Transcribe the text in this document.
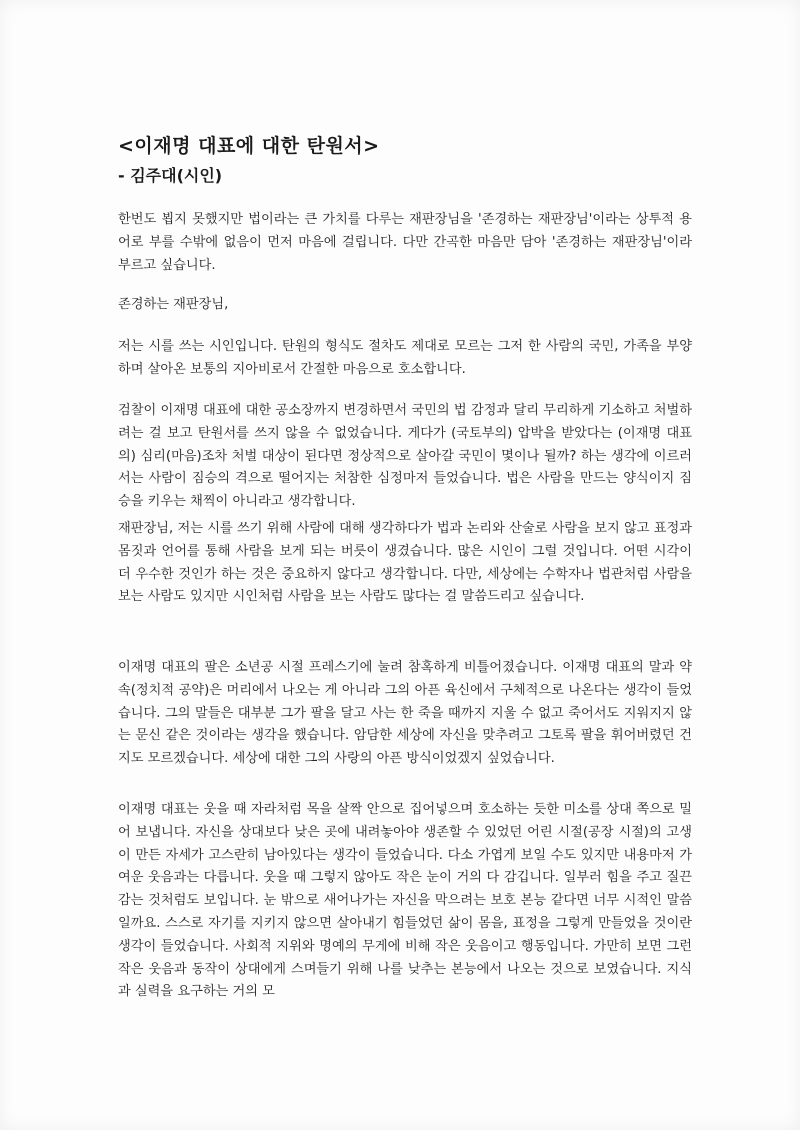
<이재명 대표에 대한 탄원서>
- 김주대(시인)

한번도 뵙지 못했지만 법이라는 큰 가치를 다루는 재판장님을 '존경하는 재판장님'이라는 상투적 용어로 부를 수밖에 없음이 먼저 마음에 걸립니다. 다만 간곡한 마음만 담아 '존경하는 재판장님'이라 부르고 싶습니다.

존경하는 재판장님,

저는 시를 쓰는 시인입니다. 탄원의 형식도 절차도 제대로 모르는 그저 한 사람의 국민, 가족을 부양하며 살아온 보통의 지아비로서 간절한 마음으로 호소합니다.

검찰이 이재명 대표에 대한 공소장까지 변경하면서 국민의 법 감정과 달리 무리하게 기소하고 처벌하려는 걸 보고 탄원서를 쓰지 않을 수 없었습니다. 게다가 (국토부의) 압박을 받았다는 (이재명 대표의) 심리(마음)조차 처벌 대상이 된다면 정상적으로 살아갈 국민이 몇이나 될까? 하는 생각에 이르러서는 사람이 짐승의 격으로 떨어지는 처참한 심정마저 들었습니다. 법은 사람을 만드는 양식이지 짐승을 키우는 채찍이 아니라고 생각합니다.

재판장님, 저는 시를 쓰기 위해 사람에 대해 생각하다가 법과 논리와 산술로 사람을 보지 않고 표정과 몸짓과 언어를 통해 사람을 보게 되는 버릇이 생겼습니다. 많은 시인이 그럴 것입니다. 어떤 시각이 더 우수한 것인가 하는 것은 중요하지 않다고 생각합니다. 다만, 세상에는 수학자나 법관처럼 사람을 보는 사람도 있지만 시인처럼 사람을 보는 사람도 많다는 걸 말씀드리고 싶습니다.

이재명 대표의 팔은 소년공 시절 프레스기에 눌려 참혹하게 비틀어졌습니다. 이재명 대표의 말과 약속(정치적 공약)은 머리에서 나오는 게 아니라 그의 아픈 육신에서 구체적으로 나온다는 생각이 들었습니다. 그의 말들은 대부분 그가 팔을 달고 사는 한 죽을 때까지 지울 수 없고 죽어서도 지워지지 않는 문신 같은 것이라는 생각을 했습니다. 암담한 세상에 자신을 맞추려고 그토록 팔을 휘어버렸던 건지도 모르겠습니다. 세상에 대한 그의 사랑의 아픈 방식이었겠지 싶었습니다.

이재명 대표는 웃을 때 자라처럼 목을 살짝 안으로 집어넣으며 호소하는 듯한 미소를 상대 쪽으로 밀어 보냅니다. 자신을 상대보다 낮은 곳에 내려놓아야 생존할 수 있었던 어린 시절(공장 시절)의 고생이 만든 자세가 고스란히 남아있다는 생각이 들었습니다. 다소 가엽게 보일 수도 있지만 내용마저 가여운 웃음과는 다릅니다. 웃을 때 그렇지 않아도 작은 눈이 거의 다 감깁니다. 일부러 힘을 주고 질끈 감는 것처럼도 보입니다. 눈 밖으로 새어나가는 자신을 막으려는 보호 본능 같다면 너무 시적인 말씀일까요. 스스로 자기를 지키지 않으면 살아내기 힘들었던 삶이 몸을, 표정을 그렇게 만들었을 것이란 생각이 들었습니다. 사회적 지위와 명예의 무게에 비해 작은 웃음이고 행동입니다. 가만히 보면 그런 작은 웃음과 동작이 상대에게 스며들기 위해 나를 낮추는 본능에서 나오는 것으로 보였습니다. 지식과 실력을 요구하는 거의 모
